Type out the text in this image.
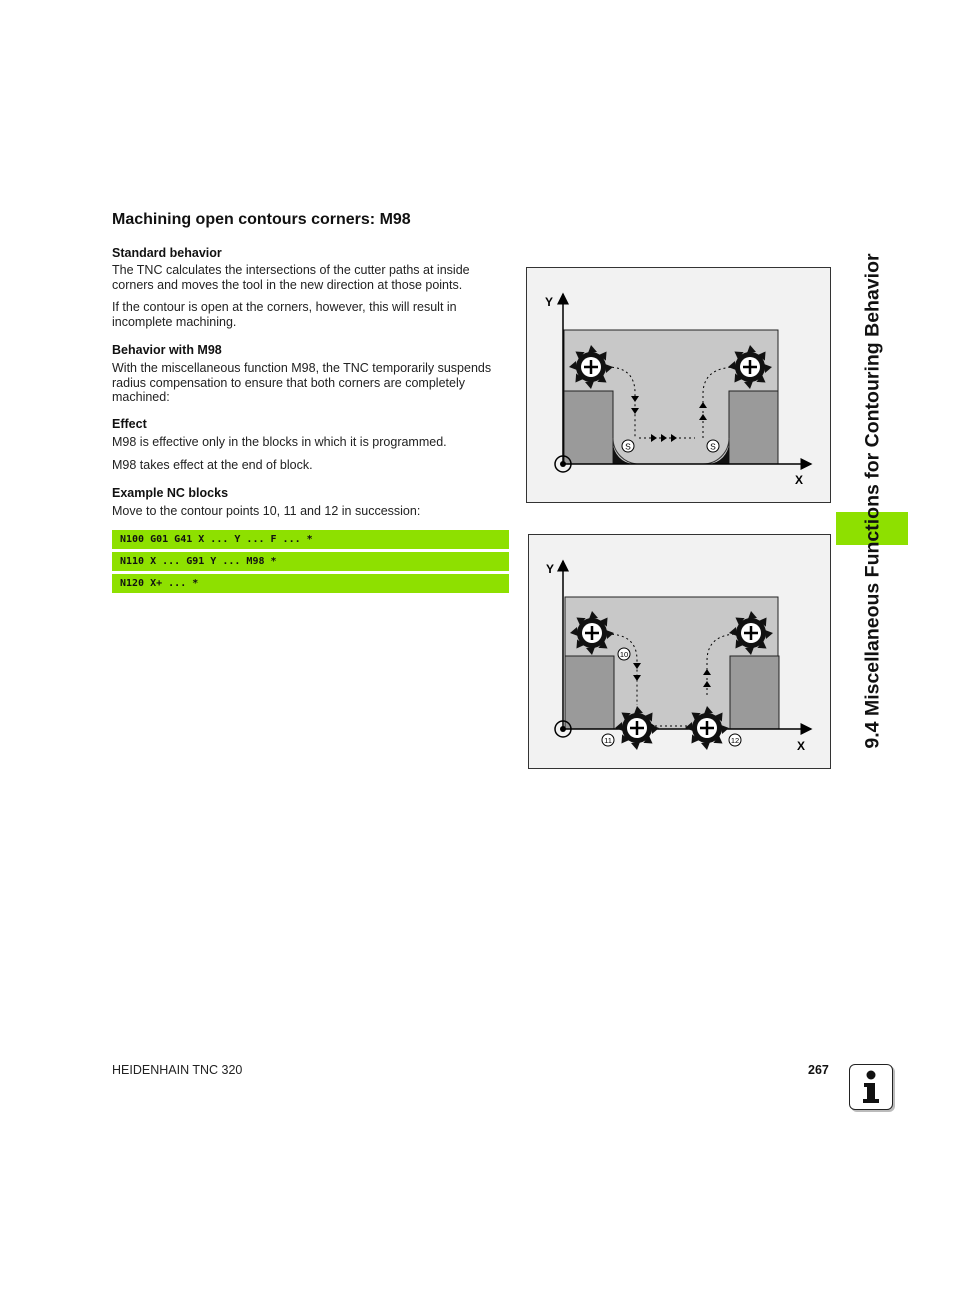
Machining open contours corners: M98

Standard behavior

The TNC calculates the intersections of the cutter paths at inside corners and moves the tool in the new direction at those points.

If the contour is open at the corners, however, this will result in incomplete machining.

Behavior with M98

With the miscellaneous function M98, the TNC temporarily suspends radius compensation to ensure that both corners are completely machined:

Effect

M98 is effective only in the blocks in which it is programmed.

M98 takes effect at the end of block.

Example NC blocks

Move to the contour points 10, 11 and 12 in succession:

N100 G01 G41 X ... Y ... F ... *
N110 X ... G91 Y ... M98 *
N120 X+ ... *
S	S
Y
X
10
11	12
Y
X	9.4 Miscellaneous Functions for Contouring Behavior
HEIDENHAIN TNC 320	267
